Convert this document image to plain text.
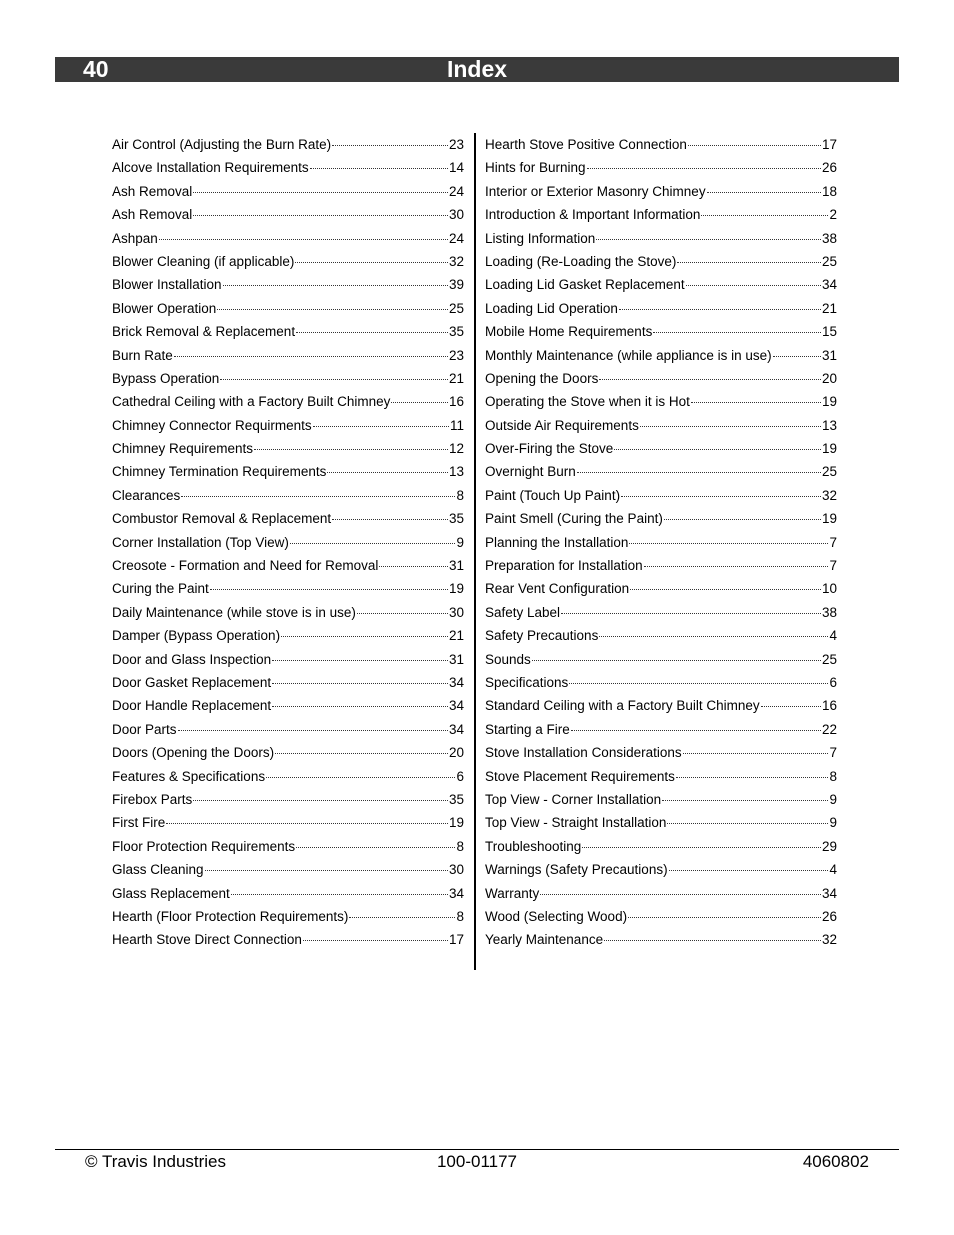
40	Index
Air Control (Adjusting the Burn Rate)	23
Alcove Installation Requirements	14
Ash Removal	24
Ash Removal	30
Ashpan	24
Blower Cleaning (if applicable)	32
Blower Installation	39
Blower Operation	25
Brick Removal & Replacement	35
Burn Rate	23
Bypass Operation	21
Cathedral Ceiling with a Factory Built Chimney	16
Chimney Connector Requirments	11
Chimney Requirements	12
Chimney Termination Requirements	13
Clearances	8
Combustor Removal & Replacement	35
Corner Installation (Top View)	9
Creosote - Formation and Need for Removal	31
Curing the Paint	19
Daily Maintenance (while stove is in use)	30
Damper (Bypass Operation)	21
Door and Glass Inspection	31
Door Gasket Replacement	34
Door Handle Replacement	34
Door Parts	34
Doors (Opening the Doors)	20
Features & Specifications	6
Firebox Parts	35
First Fire	19
Floor Protection Requirements	8
Glass Cleaning	30
Glass Replacement	34
Hearth (Floor Protection Requirements)	8
Hearth Stove Direct Connection	17
Hearth Stove Positive Connection	17
Hints for Burning	26
Interior or Exterior Masonry Chimney	18
Introduction & Important Information	2
Listing Information	38
Loading (Re-Loading the Stove)	25
Loading Lid Gasket Replacement	34
Loading Lid Operation	21
Mobile Home Requirements	15
Monthly Maintenance (while appliance is in use)	31
Opening the Doors	20
Operating the Stove when it is Hot	19
Outside Air Requirements	13
Over-Firing the Stove	19
Overnight Burn	25
Paint (Touch Up Paint)	32
Paint Smell (Curing the Paint)	19
Planning the Installation	7
Preparation for Installation	7
Rear Vent Configuration	10
Safety Label	38
Safety Precautions	4
Sounds	25
Specifications	6
Standard Ceiling with a Factory Built Chimney	16
Starting a Fire	22
Stove Installation Considerations	7
Stove Placement Requirements	8
Top View - Corner Installation	9
Top View - Straight Installation	9
Troubleshooting	29
Warnings (Safety Precautions)	4
Warranty	34
Wood (Selecting Wood)	26
Yearly Maintenance	32
© Travis Industries	100-01177	4060802
